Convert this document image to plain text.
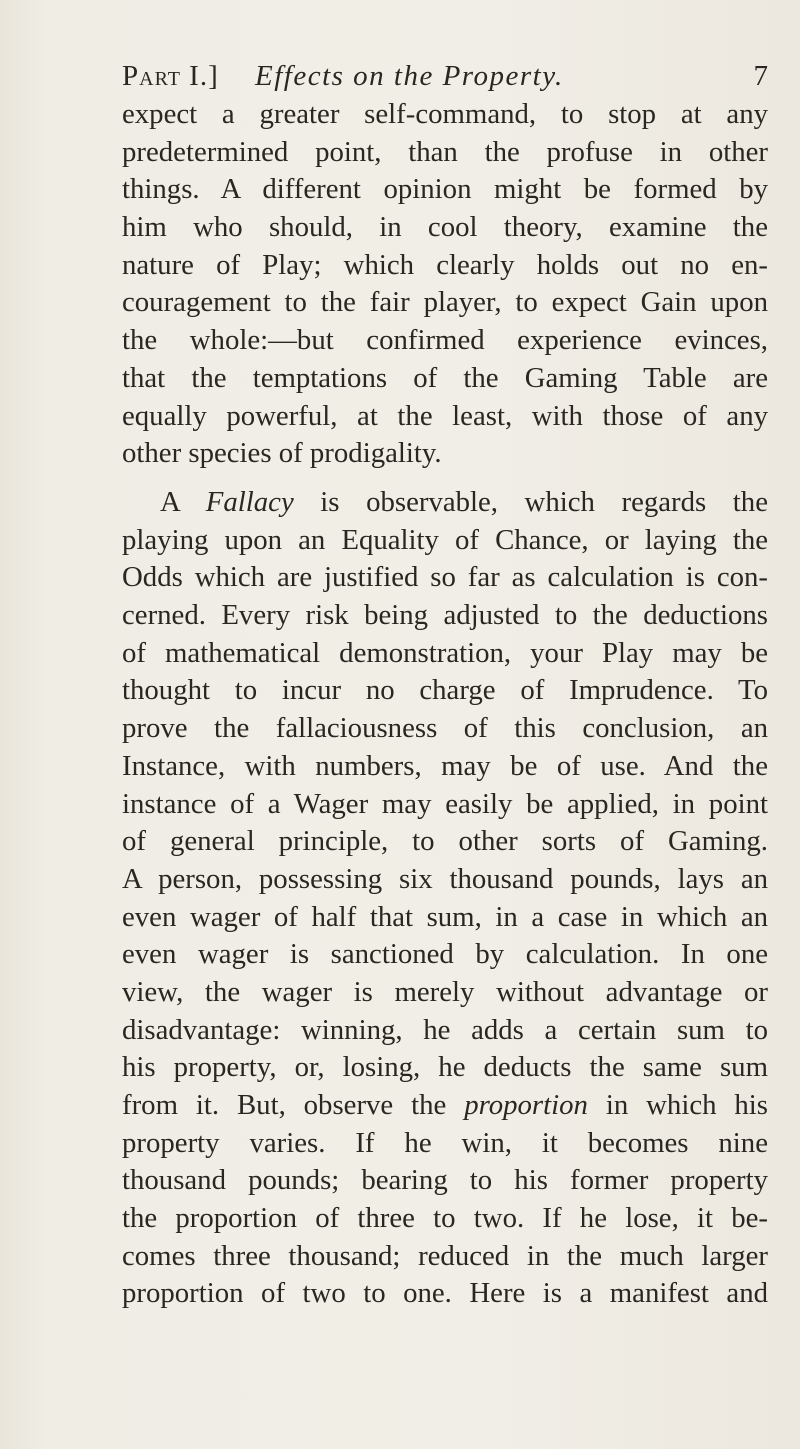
Part I.] Effects on the Property.	7
expect a greater self-command, to stop at any
predetermined point, than the profuse in other
things. A different opinion might be formed by
him who should, in cool theory, examine the
nature of Play; which clearly holds out no en-
couragement to the fair player, to expect Gain upon
the whole:—but confirmed experience evinces,
that the temptations of the Gaming Table are
equally powerful, at the least, with those of any
other species of prodigality.
A Fallacy is observable, which regards the
playing upon an Equality of Chance, or laying the
Odds which are justified so far as calculation is con-
cerned. Every risk being adjusted to the deductions
of mathematical demonstration, your Play may be
thought to incur no charge of Imprudence. To
prove the fallaciousness of this conclusion, an
Instance, with numbers, may be of use. And the
instance of a Wager may easily be applied, in point
of general principle, to other sorts of Gaming.
A person, possessing six thousand pounds, lays an
even wager of half that sum, in a case in which an
even wager is sanctioned by calculation. In one
view, the wager is merely without advantage or
disadvantage: winning, he adds a certain sum to
his property, or, losing, he deducts the same sum
from it. But, observe the proportion in which his
property varies. If he win, it becomes nine
thousand pounds; bearing to his former property
the proportion of three to two. If he lose, it be-
comes three thousand; reduced in the much larger
proportion of two to one. Here is a manifest and
